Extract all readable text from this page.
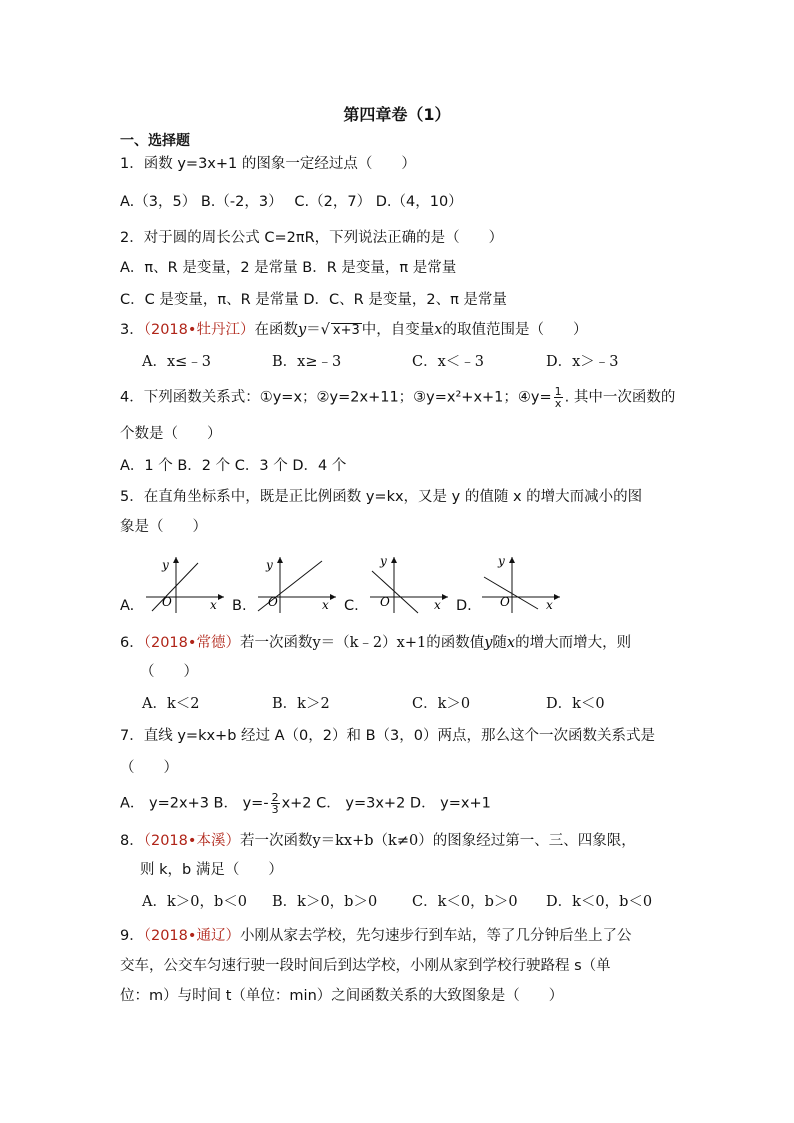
第四章卷（1）
一、选择题
1．函数 y=3x+1 的图象一定经过点（　　）
A.（3，5） B.（-2，3）　 C.（2，7） D.（4，10）
2．对于圆的周长公式 C=2πR，下列说法正确的是（　　）
A．π、R 是变量，2 是常量 B．R 是变量，π 是常量
C．C 是变量，π、R 是常量 D．C、R 是变量，2、π 是常量
3．（2018•牡丹江）在函数y＝√ x+3 中，自变量x的取值范围是（　　）
A．x≤﹣3	B．x≥﹣3	C．x＜﹣3	D．x＞﹣3
4．下列函数关系式：①y=x；②y=2x+11；③y=x²+x+1；④y= $\frac{1}{x}$ . 其中一次函数的
个数是（　　）
A．1 个 B．2 个 C．3 个 D．4 个
5．在直角坐标系中，既是正比例函数 y=kx，又是 y 的值随 x 的增大而减小的图
象是（　　）
A.
y
x
O	B.
y
x
O	C.
y
x
O	D.
y
x
O
6．（2018•常德）若一次函数y＝（k﹣2）x+1的函数值y随x的增大而增大，则
（　　）
A．k＜2	B．k＞2	C．k＞0	D．k＜0
7．直线 y=kx+b 经过 A（0，2）和 B（3，0）两点，那么这个一次函数关系式是
（　　）
A． y=2x+3 B． $y=- \frac{2}{3} x+2$ C． y=3x+2 D． y=x+1
8．（2018•本溪）若一次函数y＝kx+b（k≠0）的图象经过第一、三、四象限，
则 k，b 满足（　　）
A．k＞0，b＜0 B．k＞0，b＞0 C．k＜0，b＞0 D．k＜0，b＜0
9．（2018•通辽）小刚从家去学校，先匀速步行到车站，等了几分钟后坐上了公
交车，公交车匀速行驶一段时间后到达学校，小刚从家到学校行驶路程 s（单
位：m）与时间 t（单位：min）之间函数关系的大致图象是（　　）
